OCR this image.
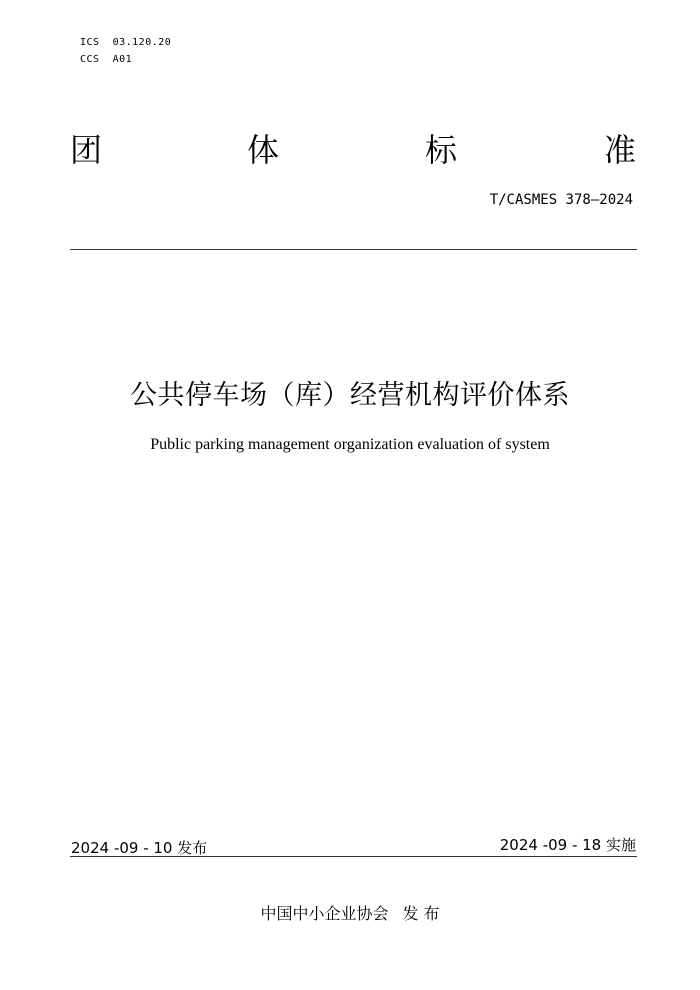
ICS  03.120.20
CCS  A01
团	体	标	准
T/CASMES 378—2024
公共停车场（库）经营机构评价体系
Public parking management organization evaluation of system
2024 -09 - 10 发布	2024 -09 - 18 实施
中国中小企业协会 发 布
